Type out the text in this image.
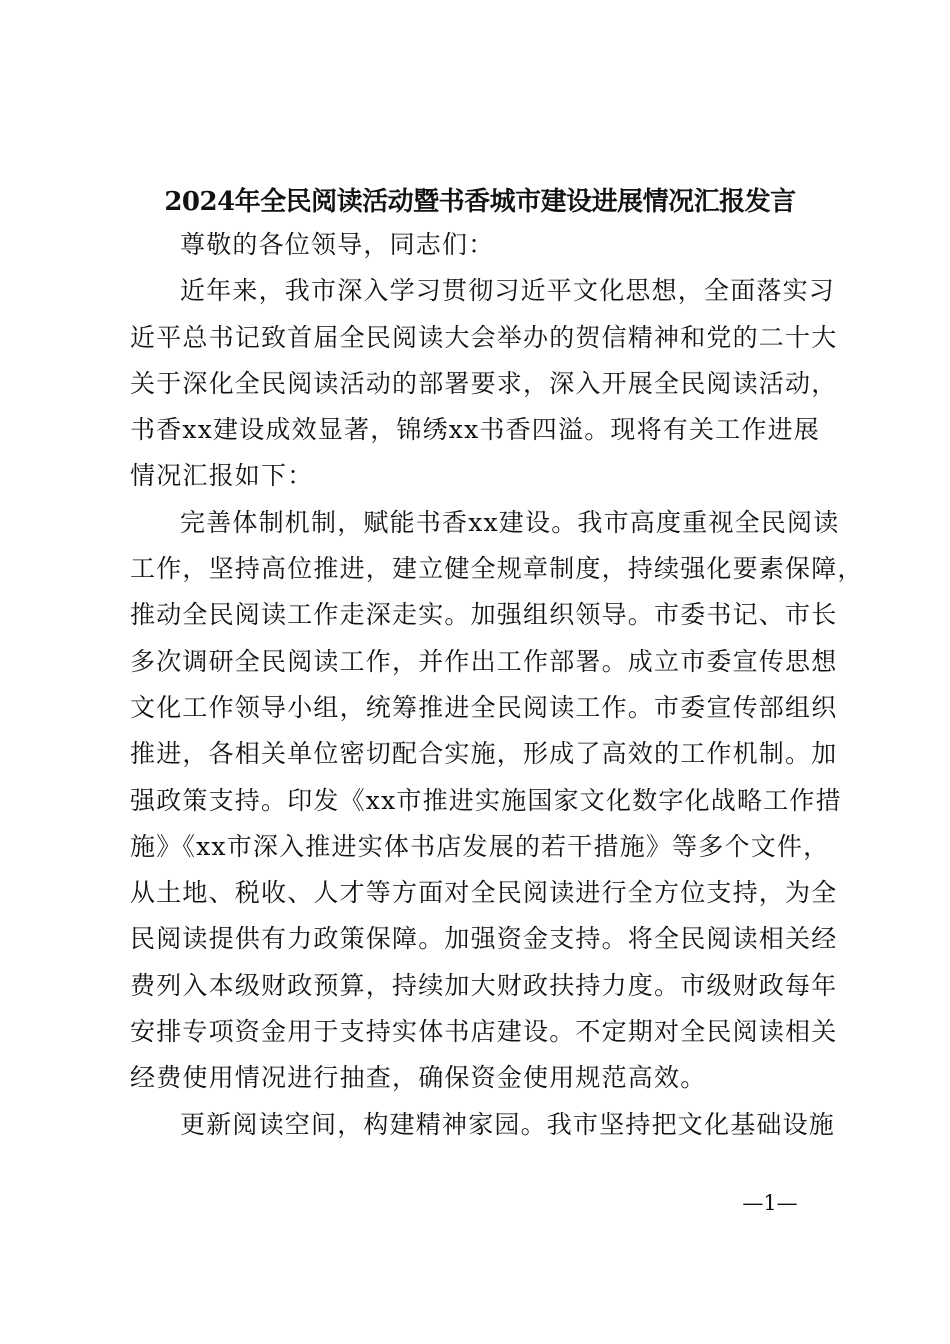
2024年全民阅读活动暨书香城市建设进展情况汇报发言
尊敬的各位领导，同志们：
近年来，我市深入学习贯彻习近平文化思想，全面落实习
近平总书记致首届全民阅读大会举办的贺信精神和党的二十大
关于深化全民阅读活动的部署要求，深入开展全民阅读活动，
书香xx建设成效显著，锦绣xx书香四溢。现将有关工作进展
情况汇报如下：
完善体制机制，赋能书香xx建设。我市高度重视全民阅读
工作，坚持高位推进，建立健全规章制度，持续强化要素保障，
推动全民阅读工作走深走实。加强组织领导。市委书记、市长
多次调研全民阅读工作，并作出工作部署。成立市委宣传思想
文化工作领导小组，统筹推进全民阅读工作。市委宣传部组织
推进，各相关单位密切配合实施，形成了高效的工作机制。加
强政策支持。印发《xx市推进实施国家文化数字化战略工作措
施》《xx市深入推进实体书店发展的若干措施》等多个文件，
从土地、税收、人才等方面对全民阅读进行全方位支持，为全
民阅读提供有力政策保障。加强资金支持。将全民阅读相关经
费列入本级财政预算，持续加大财政扶持力度。市级财政每年
安排专项资金用于支持实体书店建设。不定期对全民阅读相关
经费使用情况进行抽查，确保资金使用规范高效。
更新阅读空间，构建精神家园。我市坚持把文化基础设施
—1—
